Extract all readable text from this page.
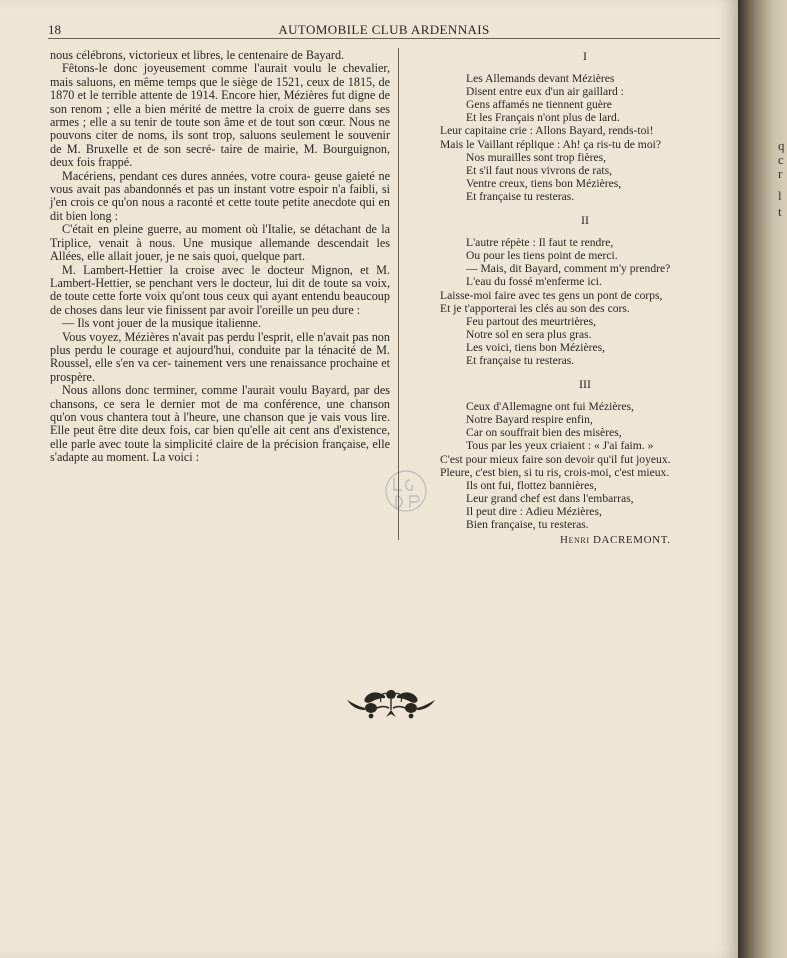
18	AUTOMOBILE CLUB ARDENNAIS

nous célébrons, victorieux et libres, le centenaire de Bayard.

Fêtons-le donc joyeusement comme l'aurait voulu le chevalier, mais saluons, en même temps que le siège de 1521, ceux de 1815, de 1870 et le terrible attente de 1914. Encore hier, Mézières fut digne de son renom ; elle a bien mérité de mettre la croix de guerre dans ses armes ; elle a su tenir de toute son âme et de tout son cœur. Nous ne pouvons citer de noms, ils sont trop, saluons seulement le souvenir de M. Bruxelle et de son secré- taire de mairie, M. Bourguignon, deux fois frappé.

Macériens, pendant ces dures années, votre coura- geuse gaieté ne vous avait pas abandonnés et pas un instant votre espoir n'a faibli, si j'en crois ce qu'on nous a raconté et cette toute petite anecdote qui en dit bien long :

C'était en pleine guerre, au moment où l'Italie, se détachant de la Triplice, venait à nous. Une musique allemande descendait les Allées, elle allait jouer, je ne sais quoi, quelque part.

M. Lambert-Hettier la croise avec le docteur Mignon, et M. Lambert-Hettier, se penchant vers le docteur, lui dit de toute sa voix, de toute cette forte voix qu'ont tous ceux qui ayant entendu beaucoup de choses dans leur vie finissent par avoir l'oreille un peu dure :

— Ils vont jouer de la musique italienne.

Vous voyez, Mézières n'avait pas perdu l'esprit, elle n'avait pas non plus perdu le courage et aujourd'hui, conduite par la ténacité de M. Roussel, elle s'en va cer- tainement vers une renaissance prochaine et prospère.

Nous allons donc terminer, comme l'aurait voulu Bayard, par des chansons, ce sera le dernier mot de ma conférence, une chanson qu'on vous chantera tout à l'heure, une chanson que je vais vous lire. Elle peut être dite deux fois, car bien qu'elle ait cent ans d'existence, elle parle avec toute la simplicité claire de la précision française, elle s'adapte au moment. La voici :

I
Les Allemands devant Mézières
Disent entre eux d'un air gaillard :
Gens affamés ne tiennent guère
Et les Français n'ont plus de lard.
Leur capitaine crie : Allons Bayard, rends-toi!
Mais le Vaillant réplique : Ah! ça ris-tu de moi?
Nos murailles sont trop fières,
Et s'il faut nous vivrons de rats,
Ventre creux, tiens bon Mézières,
Et française tu resteras.
II
L'autre répète : Il faut te rendre,
Ou pour les tiens point de merci.
— Mais, dit Bayard, comment m'y prendre?
L'eau du fossé m'enferme ici.
Laisse-moi faire avec tes gens un pont de corps,
Et je t'apporterai les clés au son des cors.
Feu partout des meurtrières,
Notre sol en sera plus gras.
Les voici, tiens bon Mézières,
Et française tu resteras.
III
Ceux d'Allemagne ont fui Mézières,
Notre Bayard respire enfin,
Car on souffrait bien des misères,
Tous par les yeux criaient : « J'ai faim. »
C'est pour mieux faire son devoir qu'il fut joyeux.
Pleure, c'est bien, si tu ris, crois-moi, c'est mieux.
Ils ont fui, flottez bannières,
Leur grand chef est dans l'embarras,
Il peut dire : Adieu Mézières,
Bien française, tu resteras.
Henri DACREMONT.
q
c
r
l
t
